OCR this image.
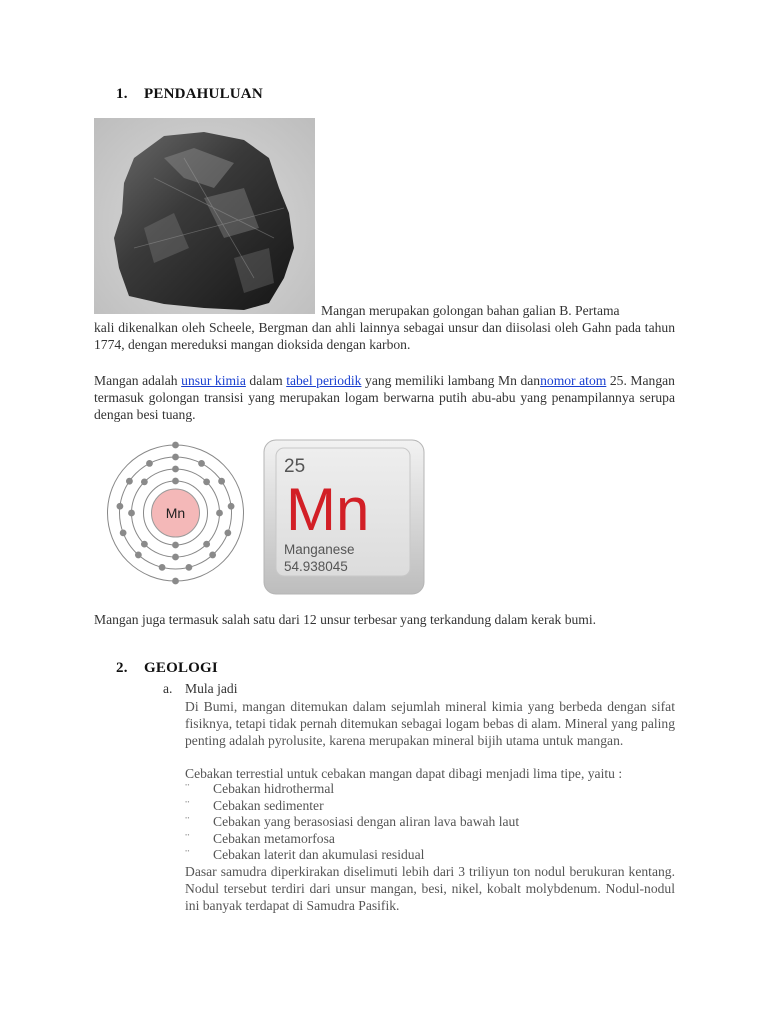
1. PENDAHULUAN
Mangan merupakan golongan bahan galian B. Pertama
kali dikenalkan oleh Scheele, Bergman dan ahli lainnya sebagai unsur dan diisolasi oleh Gahn pada tahun 1774, dengan mereduksi mangan dioksida dengan karbon.
Mangan adalah unsur kimia dalam tabel periodik yang memiliki lambang Mn dannomor atom 25. Mangan termasuk golongan transisi yang merupakan logam berwarna putih abu-abu yang penampilannya serupa dengan besi tuang.
Mn
25
Mn
Manganese
54.938045
Mangan juga termasuk salah satu dari 12 unsur terbesar yang terkandung dalam kerak bumi.
2. GEOLOGI
a. Mula jadi
Di Bumi, mangan ditemukan dalam sejumlah mineral kimia yang berbeda dengan sifat fisiknya, tetapi tidak pernah ditemukan sebagai logam bebas di alam. Mineral yang paling penting adalah pyrolusite, karena merupakan mineral bijih utama untuk mangan.
Cebakan terrestial untuk cebakan mangan dapat dibagi menjadi lima tipe, yaitu :
¨	Cebakan hidrothermal
¨	Cebakan sedimenter
¨	Cebakan yang berasosiasi dengan aliran lava bawah laut
¨	Cebakan metamorfosa
¨	Cebakan laterit dan akumulasi residual
Dasar samudra diperkirakan diselimuti lebih dari 3 triliyun ton nodul berukuran kentang. Nodul tersebut terdiri dari unsur mangan, besi, nikel, kobalt molybdenum. Nodul-nodul ini banyak terdapat di Samudra Pasifik.
